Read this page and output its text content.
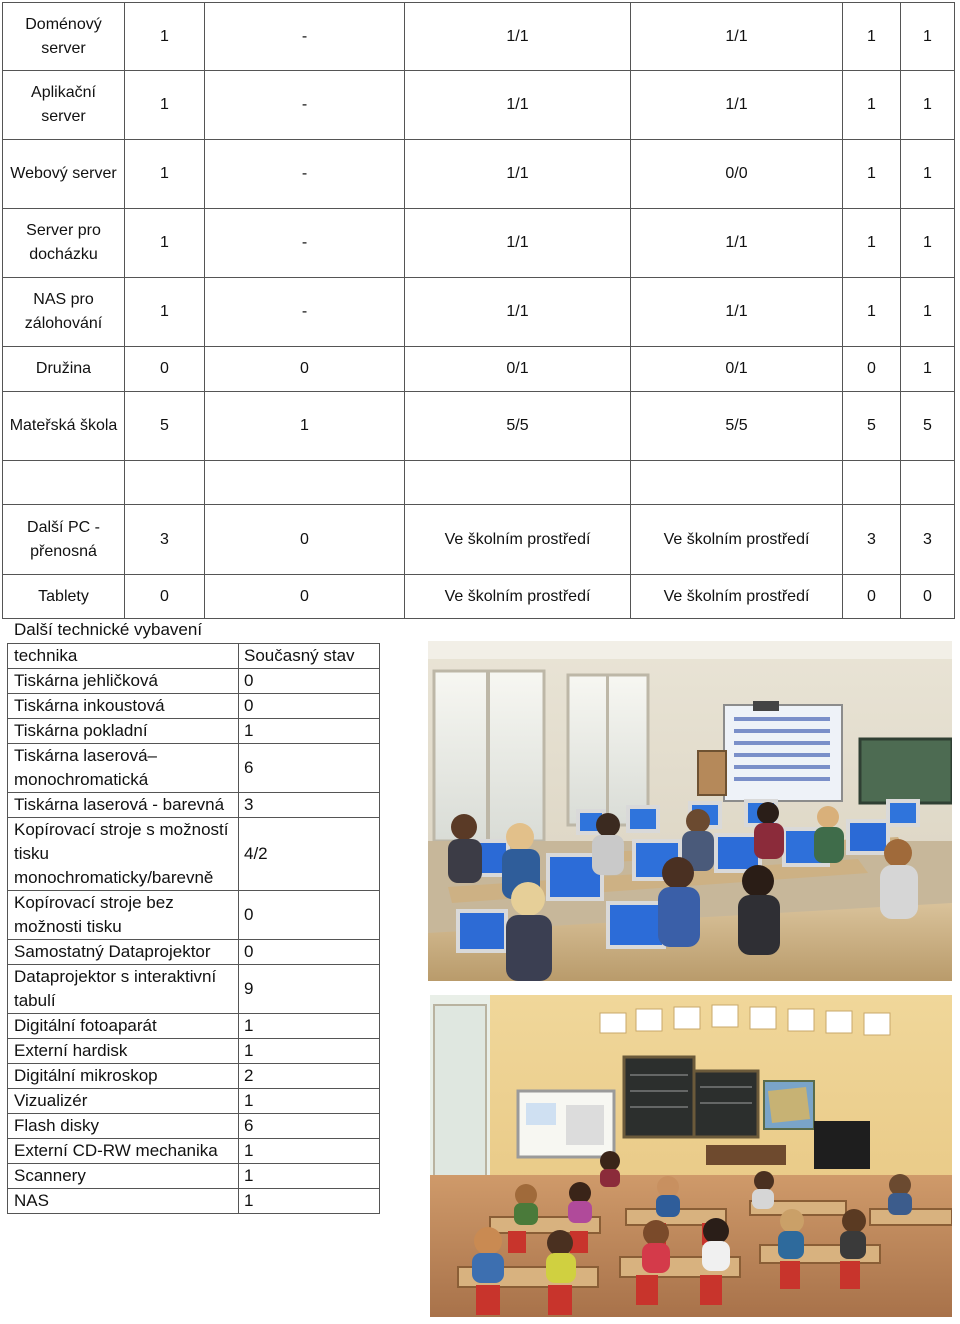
Doménový server	1	-	1/1	1/1	1	1	
Aplikační server	1	-	1/1	1/1	1	1	
Webový server	1	-	1/1	0/0	1	1	
Server pro docházku	1	-	1/1	1/1	1	1	
NAS pro zálohování	1	-	1/1	1/1	1	1	
Družina	0	0	0/1	0/1	0	1	
Mateřská škola	5	1	5/5	5/5	5	5	

Další PC - přenosná	3	0	Ve školním prostředí	Ve školním prostředí	3	3	
Tablety	0	0	Ve školním prostředí	Ve školním prostředí	0	0	
Další technické vybavení
technika	Současný stav
Tiskárna jehličková	0
Tiskárna inkoustová	0
Tiskárna pokladní	1
Tiskárna laserová– monochromatická	6
Tiskárna laserová - barevná	3
Kopírovací stroje s možností tisku monochromaticky/barevně	4/2
Kopírovací stroje bez možnosti tisku	0
Samostatný Dataprojektor	0
Dataprojektor s interaktivní tabulí	9
Digitální fotoaparát	1
Externí hardisk	1
Digitální mikroskop	2
Vizualizér	1
Flash disky	6
Externí CD-RW mechanika	1
Scannery	1
NAS	1
